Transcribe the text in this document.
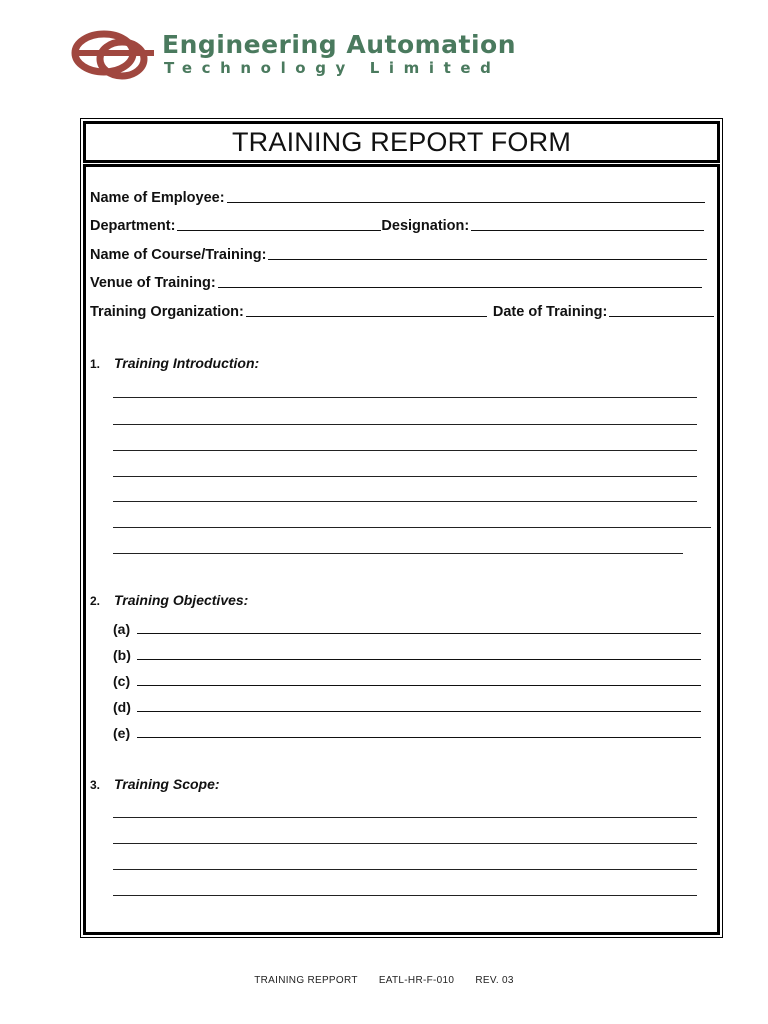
Engineering Automation
Technology Limited
TRAINING REPORT FORM
Name of Employee:
Department:	Designation:
Name of Course/Training:
Venue of Training:
Training Organization:	Date of Training:
1. Training Introduction:
2. Training Objectives:
(a)
(b)
(c)
(d)
(e)
3. Training Scope:
TRAINING REPPORT EATL-HR-F-010 REV. 03
